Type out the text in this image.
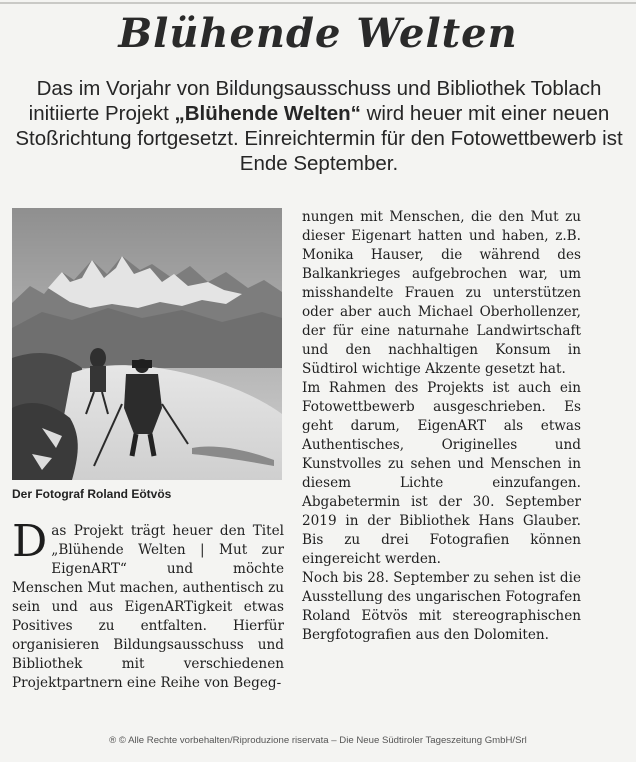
Blühende Welten

Das im Vorjahr von Bildungsausschuss und Bibliothek Toblach initiierte Projekt „Blühende Welten“ wird heuer mit einer neuen Stoßrichtung fortgesetzt. Einreichtermin für den Fotowettbewerb ist Ende September.

Der Fotograf Roland Eötvös

Das Projekt trägt heuer den Titel „Blühende Welten | Mut zur EigenART“ und möchte Menschen Mut machen, authentisch zu sein und aus EigenARTigkeit etwas Positives zu entfalten. Hierfür organisieren Bildungsausschuss und Bibliothek mit verschiedenen Projektpartnern eine Reihe von Begeg-

nungen mit Menschen, die den Mut zu dieser Eigenart hatten und haben, z.B. Monika Hauser, die während des Balkankrieges aufgebrochen war, um misshandelte Frauen zu unterstützen oder aber auch Michael Oberhollenzer, der für eine naturnahe Landwirtschaft und den nachhaltigen Konsum in Südtirol wichtige Akzente gesetzt hat.

Im Rahmen des Projekts ist auch ein Fotowettbewerb ausgeschrieben. Es geht darum, EigenART als etwas Authentisches, Originelles und Kunstvolles zu sehen und Menschen in diesem Lichte einzufangen. Abgabetermin ist der 30. September 2019 in der Bibliothek Hans Glauber. Bis zu drei Fotografien können eingereicht werden.

Noch bis 28. September zu sehen ist die Ausstellung des ungarischen Fotografen Roland Eötvös mit stereographischen Bergfotografien aus den Dolomiten.

® © Alle Rechte vorbehalten/Riproduzione riservata – Die Neue Südtiroler Tageszeitung GmbH/Srl
